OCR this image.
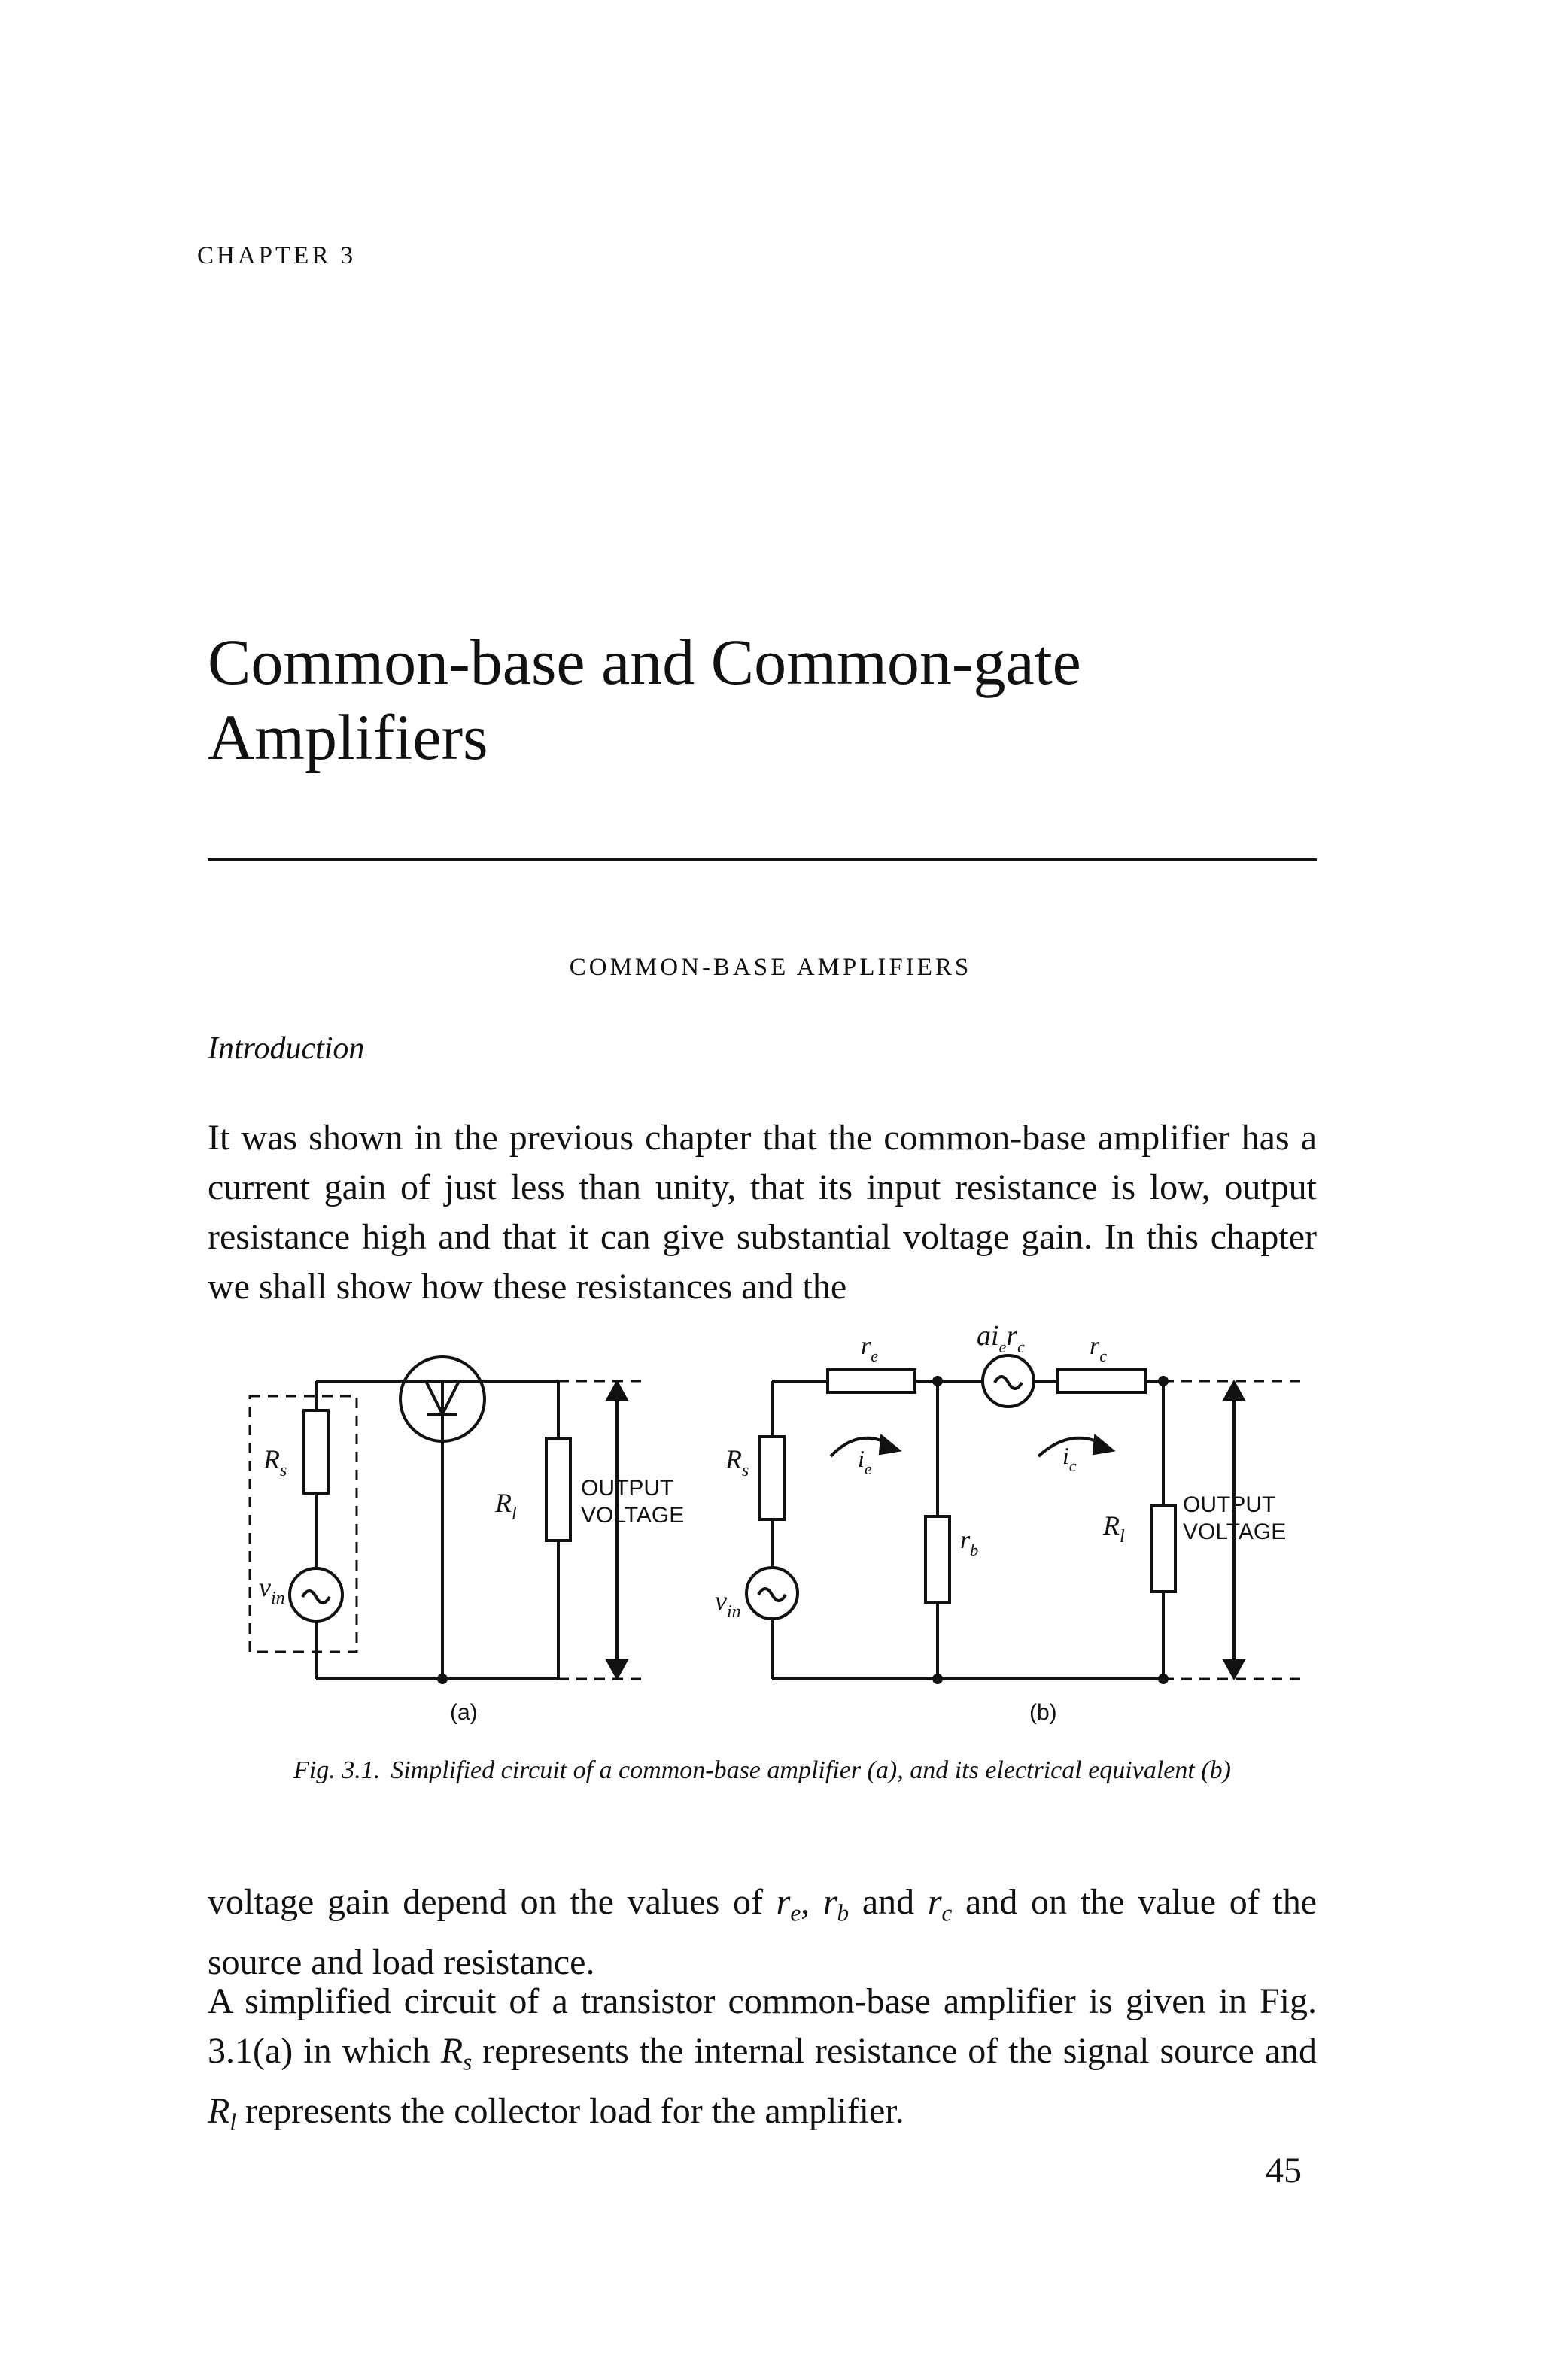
CHAPTER 3
Common-base and Common-gate
Amplifiers
COMMON-BASE AMPLIFIERS
Introduction

It was shown in the previous chapter that the common-base amplifier has a current gain of just less than unity, that its input resistance is low, output resistance high and that it can give substantial voltage gain. In this chapter we shall show how these resistances and the

$R_s$
$v_{in}$
$R_l$
OUTPUT
VOLTAGE
$r_e$
$ai_er_c$	$r_c$
$R_s$
$v_{in}$
$i_e$	$i_c$
$r_b$
$R_l$
OUTPUT
VOLTAGE
(a)	(b)
Fig. 3.1. Simplified circuit of a common-base amplifier (a), and its electrical equivalent (b)

voltage gain depend on the values of $r_e$, $r_b$ and $r_c$ and on the value of the source and load resistance.

A simplified circuit of a transistor common-base amplifier is given in Fig. 3.1(a) in which $R_s$ represents the internal resistance of the signal source and $R_l$ represents the collector load for the amplifier.

45
